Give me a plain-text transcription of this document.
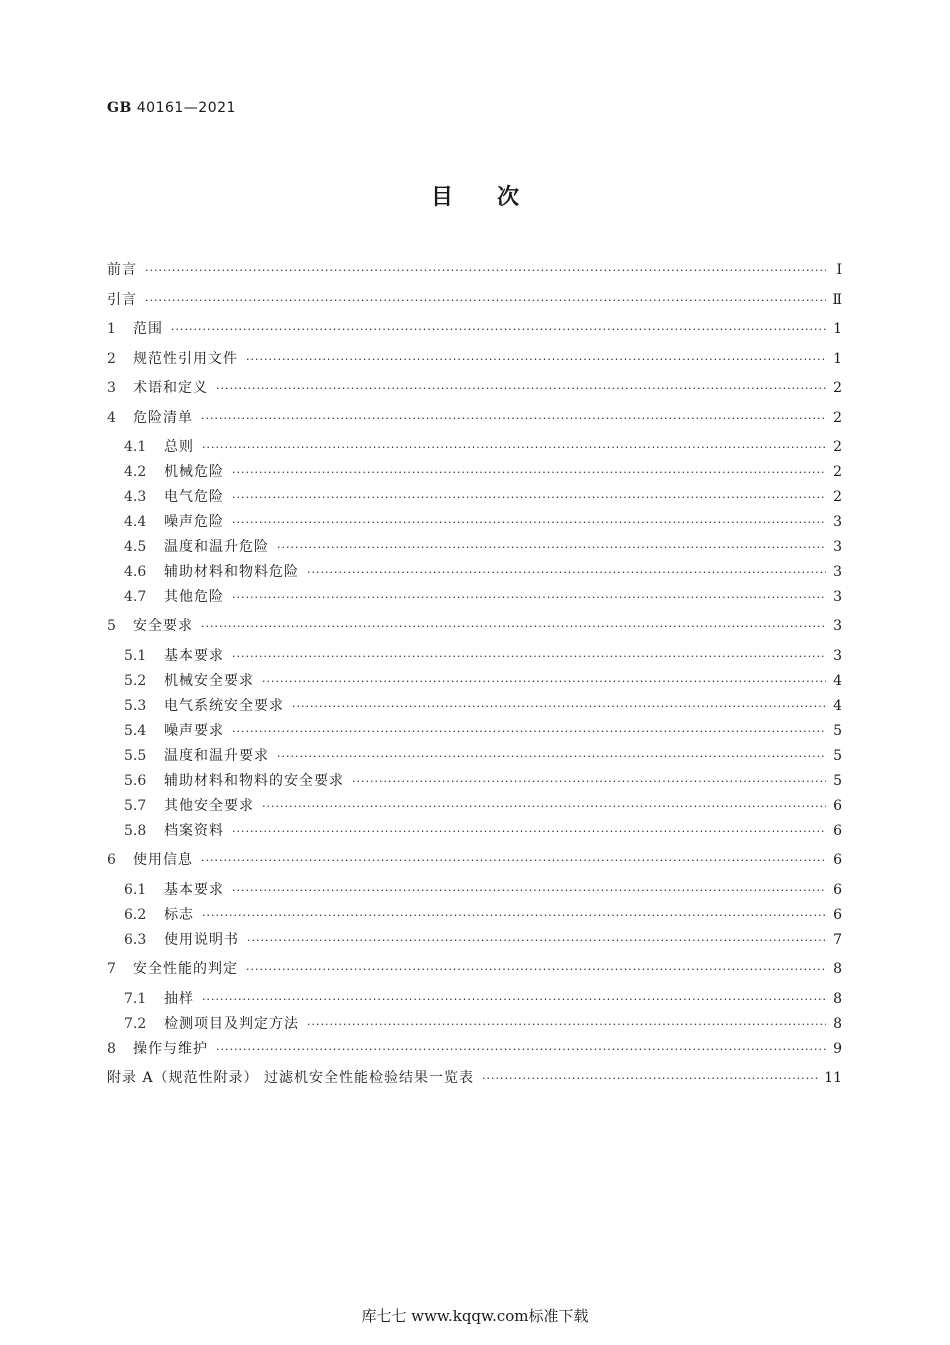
GB 40161—2021
目次
前言 ·····	Ⅰ
引言 ·····	Ⅱ
1	范围 ·····	1
2	规范性引用文件 ·····	1
3	术语和定义 ·····	2
4	危险清单 ·····	2
4.1	总则 ·····	2
4.2	机械危险 ·····	2
4.3	电气危险 ·····	2
4.4	噪声危险 ·····	3
4.5	温度和温升危险 ·····	3
4.6	辅助材料和物料危险 ·····	3
4.7	其他危险 ·····	3
5	安全要求 ·····	3
5.1	基本要求 ·····	3
5.2	机械安全要求 ·····	4
5.3	电气系统安全要求 ·····	4
5.4	噪声要求 ·····	5
5.5	温度和温升要求 ·····	5
5.6	辅助材料和物料的安全要求 ·····	5
5.7	其他安全要求 ·····	6
5.8	档案资料 ·····	6
6	使用信息 ·····	6
6.1	基本要求 ·····	6
6.2	标志 ·····	6
6.3	使用说明书 ·····	7
7	安全性能的判定 ·····	8
7.1	抽样 ·····	8
7.2	检测项目及判定方法 ·····	8
8	操作与维护 ·····	9
附录 A（规范性附录） 过滤机安全性能检验结果一览表 ·····	11
库七七 www.kqqw.com标准下载
